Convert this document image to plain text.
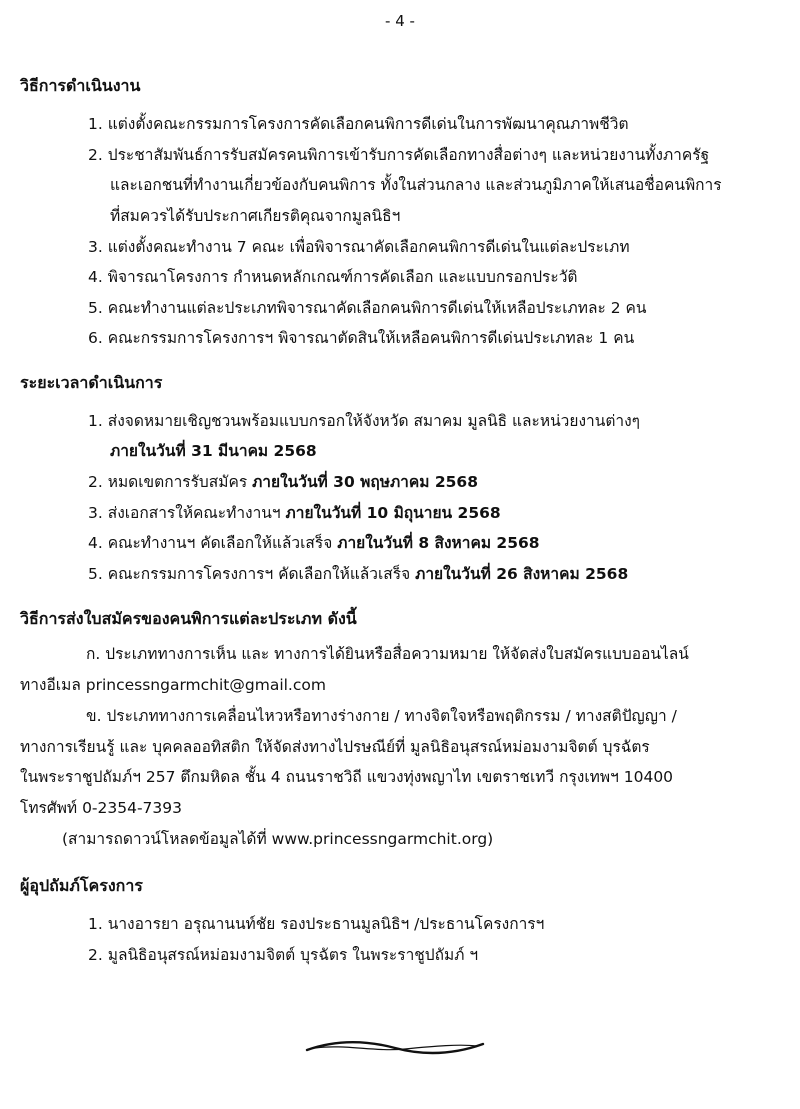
- 4 -
วิธีการดำเนินงาน
1. แต่งตั้งคณะกรรมการโครงการคัดเลือกคนพิการดีเด่นในการพัฒนาคุณภาพชีวิต
2. ประชาสัมพันธ์การรับสมัครคนพิการเข้ารับการคัดเลือกทางสื่อต่างๆ และหน่วยงานทั้งภาครัฐ
และเอกชนที่ทำงานเกี่ยวข้องกับคนพิการ ทั้งในส่วนกลาง และส่วนภูมิภาคให้เสนอชื่อคนพิการ
ที่สมควรได้รับประกาศเกียรติคุณจากมูลนิธิฯ
3. แต่งตั้งคณะทำงาน 7 คณะ เพื่อพิจารณาคัดเลือกคนพิการดีเด่นในแต่ละประเภท
4. พิจารณาโครงการ กำหนดหลักเกณฑ์การคัดเลือก และแบบกรอกประวัติ
5. คณะทำงานแต่ละประเภทพิจารณาคัดเลือกคนพิการดีเด่นให้เหลือประเภทละ 2 คน
6. คณะกรรมการโครงการฯ พิจารณาตัดสินให้เหลือคนพิการดีเด่นประเภทละ 1 คน
ระยะเวลาดำเนินการ
1. ส่งจดหมายเชิญชวนพร้อมแบบกรอกให้จังหวัด สมาคม มูลนิธิ และหน่วยงานต่างๆ
ภายในวันที่ 31 มีนาคม 2568
2. หมดเขตการรับสมัคร ภายในวันที่ 30 พฤษภาคม 2568
3. ส่งเอกสารให้คณะทำงานฯ ภายในวันที่ 10 มิถุนายน 2568
4. คณะทำงานฯ คัดเลือกให้แล้วเสร็จ ภายในวันที่ 8 สิงหาคม 2568
5. คณะกรรมการโครงการฯ คัดเลือกให้แล้วเสร็จ ภายในวันที่ 26 สิงหาคม 2568
วิธีการส่งใบสมัครของคนพิการแต่ละประเภท ดังนี้
ก. ประเภททางการเห็น และ ทางการได้ยินหรือสื่อความหมาย ให้จัดส่งใบสมัครแบบออนไลน์
ทางอีเมล princessngarmchit@gmail.com
ข. ประเภททางการเคลื่อนไหวหรือทางร่างกาย / ทางจิตใจหรือพฤติกรรม / ทางสติปัญญา /
ทางการเรียนรู้ และ บุคคลออทิสติก ให้จัดส่งทางไปรษณีย์ที่ มูลนิธิอนุสรณ์หม่อมงามจิตต์ บุรฉัตร
ในพระราชูปถัมภ์ฯ 257 ตึกมหิดล ชั้น 4 ถนนราชวิถี แขวงทุ่งพญาไท เขตราชเทวี กรุงเทพฯ 10400
โทรศัพท์ 0-2354-7393
(สามารถดาวน์โหลดข้อมูลได้ที่ www.princessngarmchit.org)
ผู้อุปถัมภ์โครงการ
1. นางอารยา อรุณานนท์ชัย รองประธานมูลนิธิฯ /ประธานโครงการฯ
2. มูลนิธิอนุสรณ์หม่อมงามจิตต์ บุรฉัตร ในพระราชูปถัมภ์ ฯ
